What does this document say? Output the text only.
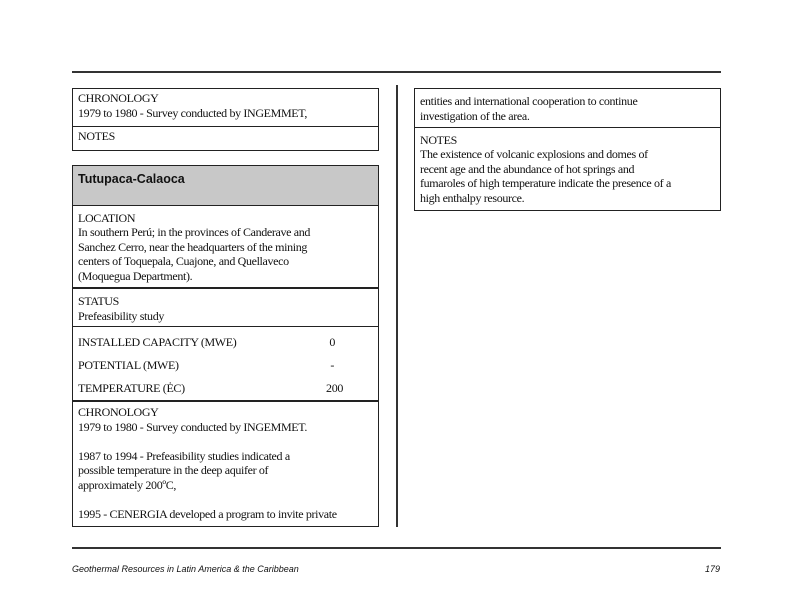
CHRONOLOGY
1979 to 1980 - Survey conducted by INGEMMET,
NOTES
Tutupaca-Calaoca
LOCATION
In southern Perú; in the provinces of Canderave and
Sanchez Cerro, near the headquarters of the mining
centers of Toquepala, Cuajone, and Quellaveco
(Moquegua Department).
STATUS
Prefeasibility study
INSTALLED CAPACITY (MWE)	0
POTENTIAL (MWE)	-
TEMPERATURE (ĖC)	200
CHRONOLOGY
1979 to 1980 - Survey conducted by INGEMMET.
1987 to 1994 - Prefeasibility studies indicated a
possible temperature in the deep aquifer of
approximately 200ºC,
1995 - CENERGIA developed a program to invite private
entities and international cooperation to continue
investigation of the area.
NOTES
The existence of volcanic explosions and domes of
recent age and the abundance of hot springs and
fumaroles of high temperature indicate the presence of a
high enthalpy resource.
Geothermal Resources in Latin America & the Caribbean	179
